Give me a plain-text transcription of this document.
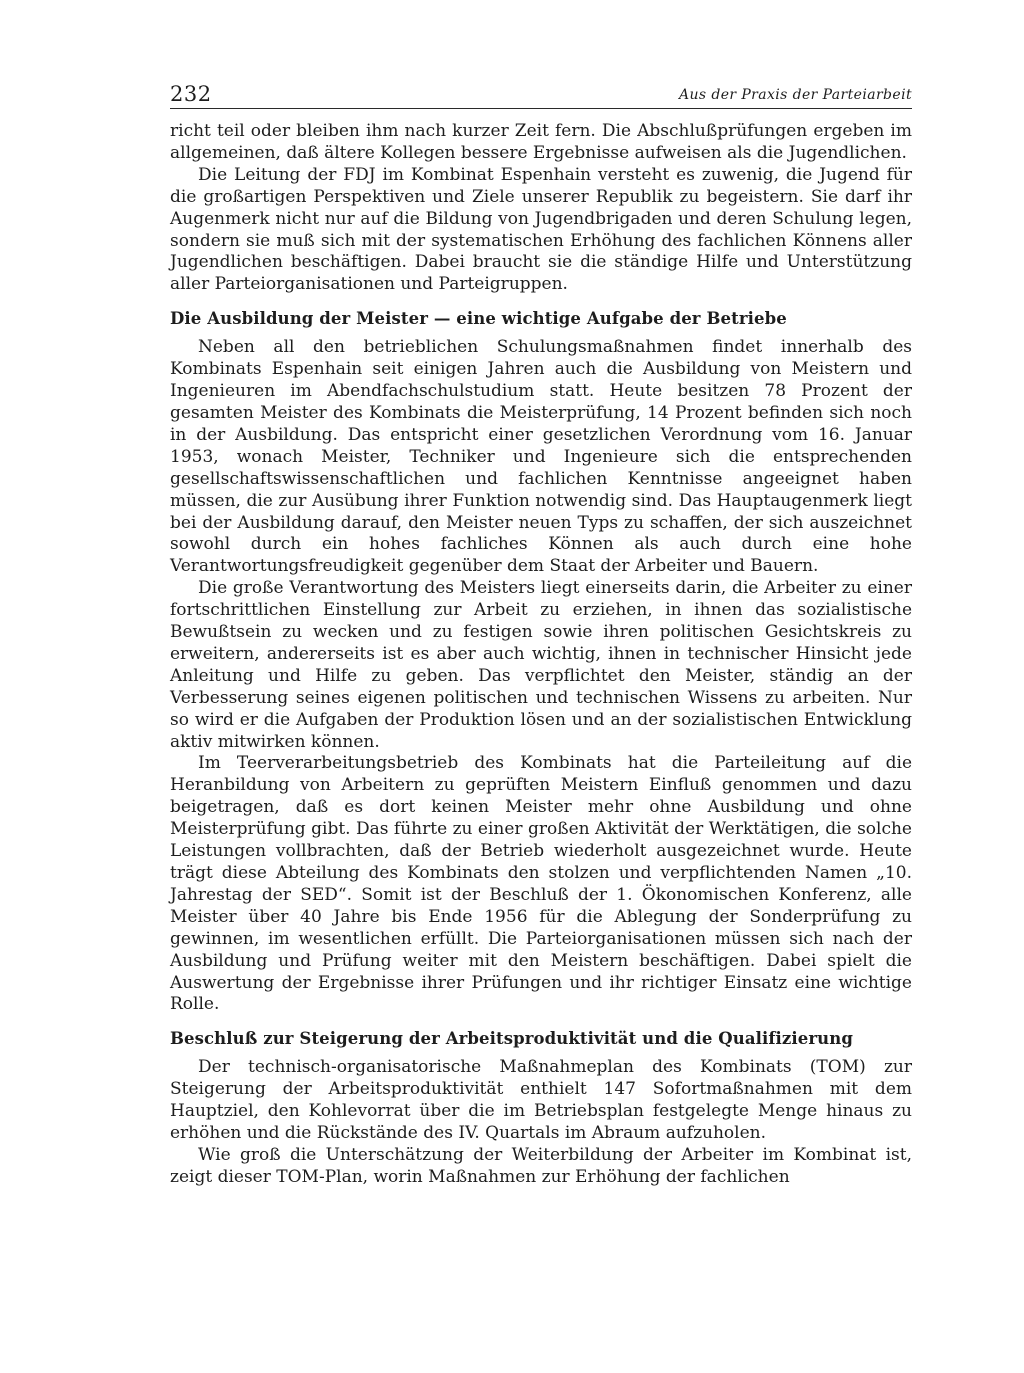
232	Aus der Praxis der Parteiarbeit

richt teil oder bleiben ihm nach kurzer Zeit fern. Die Abschlußprüfungen ergeben im allgemeinen, daß ältere Kollegen bessere Ergebnisse aufweisen als die Jugendlichen.

Die Leitung der FDJ im Kombinat Espenhain versteht es zuwenig, die Jugend für die großartigen Perspektiven und Ziele unserer Republik zu begeistern. Sie darf ihr Augenmerk nicht nur auf die Bildung von Jugendbrigaden und deren Schulung legen, sondern sie muß sich mit der systematischen Erhöhung des fachlichen Könnens aller Jugendlichen beschäftigen. Dabei braucht sie die ständige Hilfe und Unterstützung aller Parteiorganisationen und Parteigruppen.

Die Ausbildung der Meister — eine wichtige Aufgabe der Betriebe

Neben all den betrieblichen Schulungsmaßnahmen findet innerhalb des Kombinats Espenhain seit einigen Jahren auch die Ausbildung von Meistern und Ingenieuren im Abendfachschulstudium statt. Heute besitzen 78 Prozent der gesamten Meister des Kombinats die Meisterprüfung, 14 Prozent befinden sich noch in der Ausbildung. Das entspricht einer gesetzlichen Verordnung vom 16. Januar 1953, wonach Meister, Techniker und Ingenieure sich die entsprechenden gesellschaftswissenschaftlichen und fachlichen Kenntnisse angeeignet haben müssen, die zur Ausübung ihrer Funktion notwendig sind. Das Hauptaugenmerk liegt bei der Ausbildung darauf, den Meister neuen Typs zu schaffen, der sich auszeichnet sowohl durch ein hohes fachliches Können als auch durch eine hohe Verantwortungsfreudigkeit gegenüber dem Staat der Arbeiter und Bauern.

Die große Verantwortung des Meisters liegt einerseits darin, die Arbeiter zu einer fortschrittlichen Einstellung zur Arbeit zu erziehen, in ihnen das sozialistische Bewußtsein zu wecken und zu festigen sowie ihren politischen Gesichtskreis zu erweitern, andererseits ist es aber auch wichtig, ihnen in technischer Hinsicht jede Anleitung und Hilfe zu geben. Das verpflichtet den Meister, ständig an der Verbesserung seines eigenen politischen und technischen Wissens zu arbeiten. Nur so wird er die Aufgaben der Produktion lösen und an der sozialistischen Entwicklung aktiv mitwirken können.

Im Teerverarbeitungsbetrieb des Kombinats hat die Parteileitung auf die Heranbildung von Arbeitern zu geprüften Meistern Einfluß genommen und dazu beigetragen, daß es dort keinen Meister mehr ohne Ausbildung und ohne Meisterprüfung gibt. Das führte zu einer großen Aktivität der Werktätigen, die solche Leistungen vollbrachten, daß der Betrieb wiederholt ausgezeichnet wurde. Heute trägt diese Abteilung des Kombinats den stolzen und verpflichtenden Namen „10. Jahrestag der SED“. Somit ist der Beschluß der 1. Ökonomischen Konferenz, alle Meister über 40 Jahre bis Ende 1956 für die Ablegung der Sonderprüfung zu gewinnen, im wesentlichen erfüllt. Die Parteiorganisationen müssen sich nach der Ausbildung und Prüfung weiter mit den Meistern beschäftigen. Dabei spielt die Auswertung der Ergebnisse ihrer Prüfungen und ihr richtiger Einsatz eine wichtige Rolle.

Beschluß zur Steigerung der Arbeitsproduktivität und die Qualifizierung

Der technisch-organisatorische Maßnahmeplan des Kombinats (TOM) zur Steigerung der Arbeitsproduktivität enthielt 147 Sofortmaßnahmen mit dem Hauptziel, den Kohlevorrat über die im Betriebsplan festgelegte Menge hinaus zu erhöhen und die Rückstände des IV. Quartals im Abraum aufzuholen.

Wie groß die Unterschätzung der Weiterbildung der Arbeiter im Kombinat ist, zeigt dieser TOM-Plan, worin Maßnahmen zur Erhöhung der fachlichen
